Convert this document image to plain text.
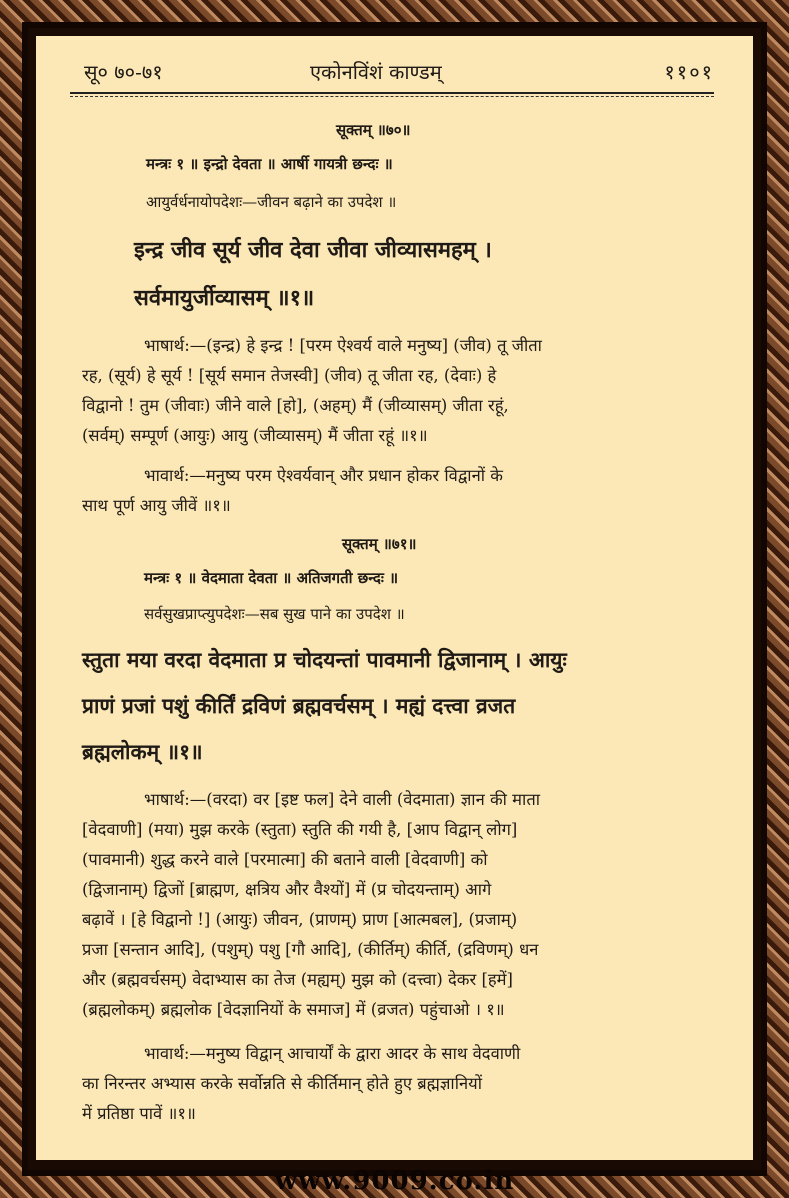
सू० ७०-७१	एकोनविंशं काण्डम्	११०१
सूक्तम् ॥७०॥
मन्त्रः १ ॥ इन्द्रो देवता ॥ आर्षी गायत्री छन्दः ॥
आयुर्वर्धनायोपदेशः—जीवन बढ़ाने का उपदेश ॥
इन्द्र जीव सूर्य जीव देवा जीवा जीव्यासमहम् ।
सर्वमायुर्जीव्यासम् ॥१॥
भाषार्थ:—(इन्द्र) हे इन्द्र ! [परम ऐश्वर्य वाले मनुष्य] (जीव) तू जीता
रह, (सूर्य) हे सूर्य ! [सूर्य समान तेजस्वी] (जीव) तू जीता रह, (देवाः) हे
विद्वानो ! तुम (जीवाः) जीने वाले [हो], (अहम्) मैं (जीव्यासम्) जीता रहूं,
(सर्वम्) सम्पूर्ण (आयुः) आयु (जीव्यासम्) मैं जीता रहूं ॥१॥
भावार्थ:—मनुष्य परम ऐश्वर्यवान् और प्रधान होकर विद्वानों के
साथ पूर्ण आयु जीवें ॥१॥
सूक्तम् ॥७१॥
मन्त्रः १ ॥ वेदमाता देवता ॥ अतिजगती छन्दः ॥
सर्वसुखप्राप्त्युपदेशः—सब सुख पाने का उपदेश ॥
स्तुता मया वरदा वेदमाता प्र चोदयन्तां पावमानी द्विजानाम् । आयुः
प्राणं प्रजां पशुं कीर्तिं द्रविणं ब्रह्मवर्चसम् । मह्यं दत्त्वा व्रजत
ब्रह्मलोकम् ॥१॥
भाषार्थ:—(वरदा) वर [इष्ट फल] देने वाली (वेदमाता) ज्ञान की माता
[वेदवाणी] (मया) मुझ करके (स्तुता) स्तुति की गयी है, [आप विद्वान् लोग]
(पावमानी) शुद्ध करने वाले [परमात्मा] की बताने वाली [वेदवाणी] को
(द्विजानाम्) द्विजों [ब्राह्मण, क्षत्रिय और वैश्यों] में (प्र चोदयन्ताम्) आगे
बढ़ावें । [हे विद्वानो !] (आयुः) जीवन, (प्राणम्) प्राण [आत्मबल], (प्रजाम्)
प्रजा [सन्तान आदि], (पशुम्) पशु [गौ आदि], (कीर्तिम्) कीर्ति, (द्रविणम्) धन
और (ब्रह्मवर्चसम्) वेदाभ्यास का तेज (मह्यम्) मुझ को (दत्त्वा) देकर [हमें]
(ब्रह्मलोकम्) ब्रह्मलोक [वेदज्ञानियों के समाज] में (व्रजत) पहुंचाओ । १॥
भावार्थ:—मनुष्य विद्वान् आचार्यों के द्वारा आदर के साथ वेदवाणी
का निरन्तर अभ्यास करके सर्वोन्नति से कीर्तिमान् होते हुए ब्रह्मज्ञानियों
में प्रतिष्ठा पावें ॥१॥
www.9009.co.in
